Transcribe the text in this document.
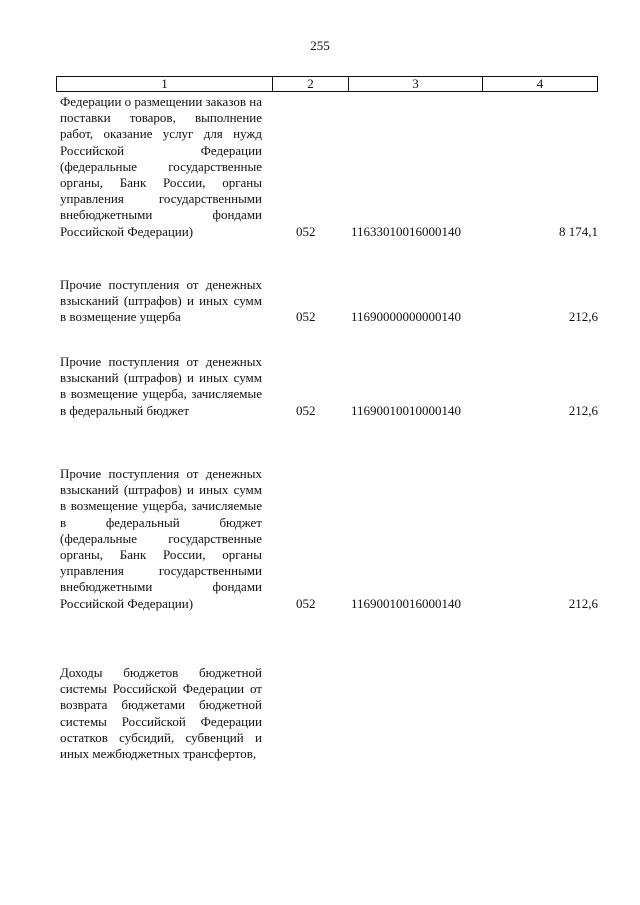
255
1	2	3	4
Федерации о размещении заказов на поставки товаров, выполнение работ, оказание услуг для нужд Российской Федерации (федеральные государственные органы, Банк России, органы управления государственными внебюджетными фондами Российской Федерации)	052	11633010016000140	8 174,1
Прочие поступления от денежных взысканий (штрафов) и иных сумм в возмещение ущерба	052	11690000000000140	212,6
Прочие поступления от денежных взысканий (штрафов) и иных сумм в возмещение ущерба, зачисляемые в федеральный бюджет	052	11690010010000140	212,6
Прочие поступления от денежных взысканий (штрафов) и иных сумм в возмещение ущерба, зачисляемые в федеральный бюджет (федеральные государственные органы, Банк России, органы управления государственными внебюджетными фондами Российской Федерации)	052	11690010016000140	212,6
Доходы бюджетов бюджетной системы Российской Федерации от возврата бюджетами бюджетной системы Российской Федерации остатков субсидий, субвенций и иных межбюджетных трансфертов,
